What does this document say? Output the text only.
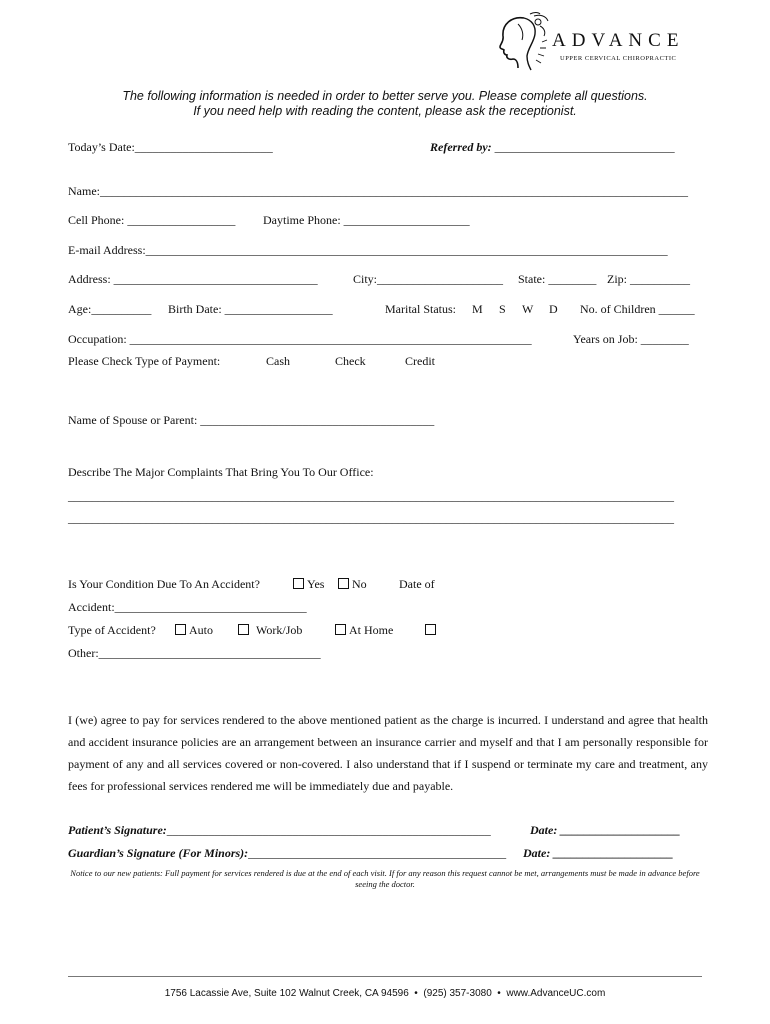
ADVANCE
UPPER CERVICAL CHIROPRACTIC
The following information is needed in order to better serve you. Please complete all questions.
If you need help with reading the content, please ask the receptionist.
Today’s Date:_______________________	Referred by: ______________________________
Name:__________________________________________________________________________________________________
Cell Phone: __________________ Daytime Phone: _____________________
E-mail Address:_______________________________________________________________________________________
Address: __________________________________	City:_____________________ State: ________ Zip: __________
Age:__________ Birth Date: __________________	Marital Status: M S W D No. of Children ______
Occupation: ___________________________________________________________________	Years on Job: ________
Please Check Type of Payment:	Cash	Check	Credit
Name of Spouse or Parent: _______________________________________
Describe The Major Complaints That Bring You To Our Office:
_____________________________________________________________________________________________________
_____________________________________________________________________________________________________
Is Your Condition Due To An Accident?	Yes	No	Date of
Accident:________________________________
Type of Accident?	Auto	Work/Job	At Home
Other:_____________________________________
I (we) agree to pay for services rendered to the above mentioned patient as the charge is incurred. I understand and agree that health and accident insurance policies are an arrangement between an insurance carrier and myself and that I am personally responsible for payment of any and all services covered or non-covered. I also understand that if I suspend or terminate my care and treatment, any fees for professional services rendered me will be immediately due and payable.
Patient’s Signature:______________________________________________________	Date: ____________________
Guardian’s Signature (For Minors):___________________________________________ Date: ____________________
Notice to our new patients: Full payment for services rendered is due at the end of each visit. If for any reason this request cannot be met, arrangements must be made in advance before seeing the doctor.
1756 Lacassie Ave, Suite 102 Walnut Creek, CA 94596  •  (925) 357-3080  •  www.AdvanceUC.com
